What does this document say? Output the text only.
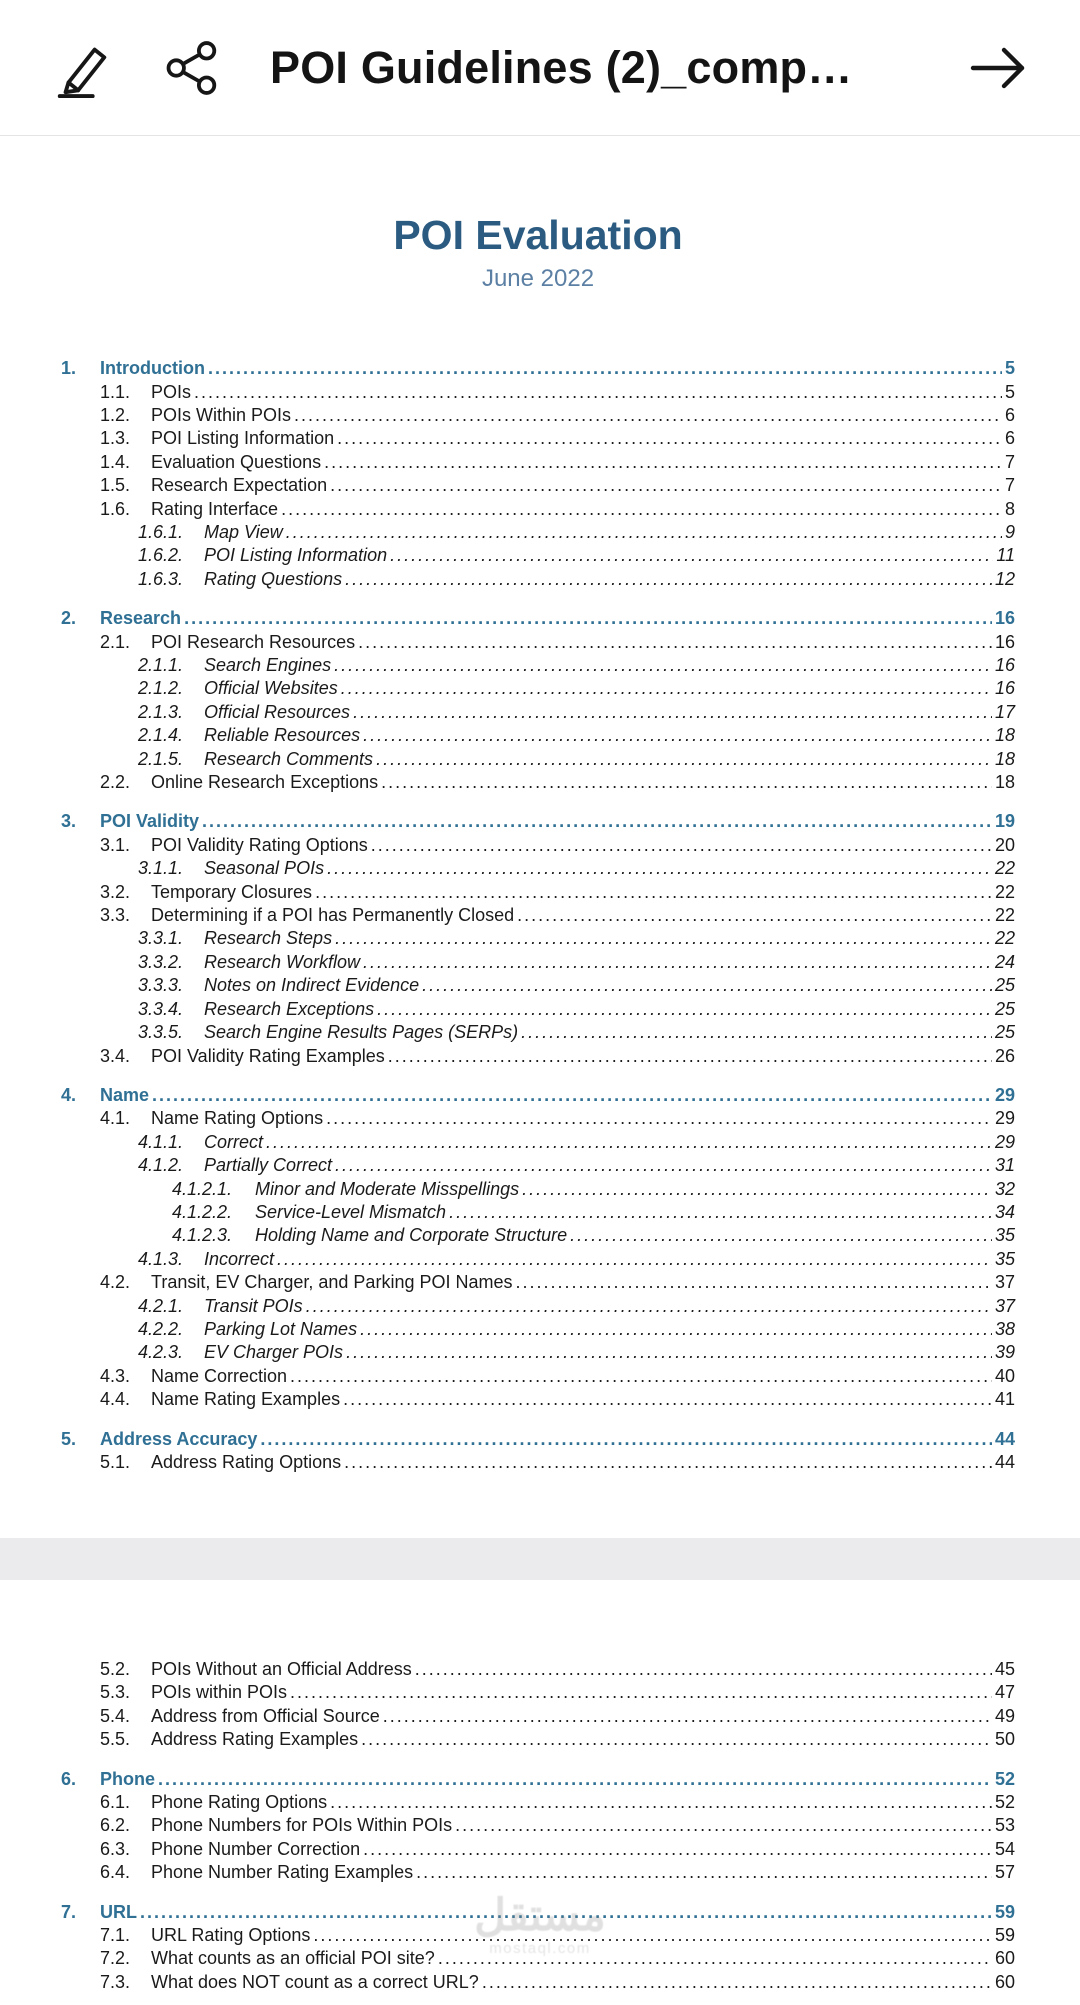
POI Guidelines (2)_comp…
POI Evaluation
June 2022
1.	Introduction .....	5
1.1.	POIs .....	5
1.2.	POIs Within POIs .....	6
1.3.	POI Listing Information .....	6
1.4.	Evaluation Questions .....	7
1.5.	Research Expectation .....	7
1.6.	Rating Interface .....	8
1.6.1.	Map View .....	9
1.6.2.	POI Listing Information .....	11
1.6.3.	Rating Questions .....	12
2.	Research .....	16
2.1.	POI Research Resources .....	16
2.1.1.	Search Engines .....	16
2.1.2.	Official Websites .....	16
2.1.3.	Official Resources .....	17
2.1.4.	Reliable Resources .....	18
2.1.5.	Research Comments .....	18
2.2.	Online Research Exceptions .....	18
3.	POI Validity .....	19
3.1.	POI Validity Rating Options .....	20
3.1.1.	Seasonal POIs .....	22
3.2.	Temporary Closures .....	22
3.3.	Determining if a POI has Permanently Closed .....	22
3.3.1.	Research Steps .....	22
3.3.2.	Research Workflow .....	24
3.3.3.	Notes on Indirect Evidence .....	25
3.3.4.	Research Exceptions .....	25
3.3.5.	Search Engine Results Pages (SERPs) .....	25
3.4.	POI Validity Rating Examples .....	26
4.	Name .....	29
4.1.	Name Rating Options .....	29
4.1.1.	Correct .....	29
4.1.2.	Partially Correct .....	31
4.1.2.1.	Minor and Moderate Misspellings .....	32
4.1.2.2.	Service-Level Mismatch .....	34
4.1.2.3.	Holding Name and Corporate Structure .....	35
4.1.3.	Incorrect .....	35
4.2.	Transit, EV Charger, and Parking POI Names .....	37
4.2.1.	Transit POIs .....	37
4.2.2.	Parking Lot Names .....	38
4.2.3.	EV Charger POIs .....	39
4.3.	Name Correction .....	40
4.4.	Name Rating Examples .....	41
5.	Address Accuracy .....	44
5.1.	Address Rating Options .....	44
5.2.	POIs Without an Official Address .....	45
5.3.	POIs within POIs .....	47
5.4.	Address from Official Source .....	49
5.5.	Address Rating Examples .....	50
6.	Phone .....	52
6.1.	Phone Rating Options .....	52
6.2.	Phone Numbers for POIs Within POIs .....	53
6.3.	Phone Number Correction .....	54
6.4.	Phone Number Rating Examples .....	57
7.	URL .....	59
7.1.	URL Rating Options .....	59
7.2.	What counts as an official POI site? .....	60
7.3.	What does NOT count as a correct URL? .....	60
مستقل
mostaql.com
